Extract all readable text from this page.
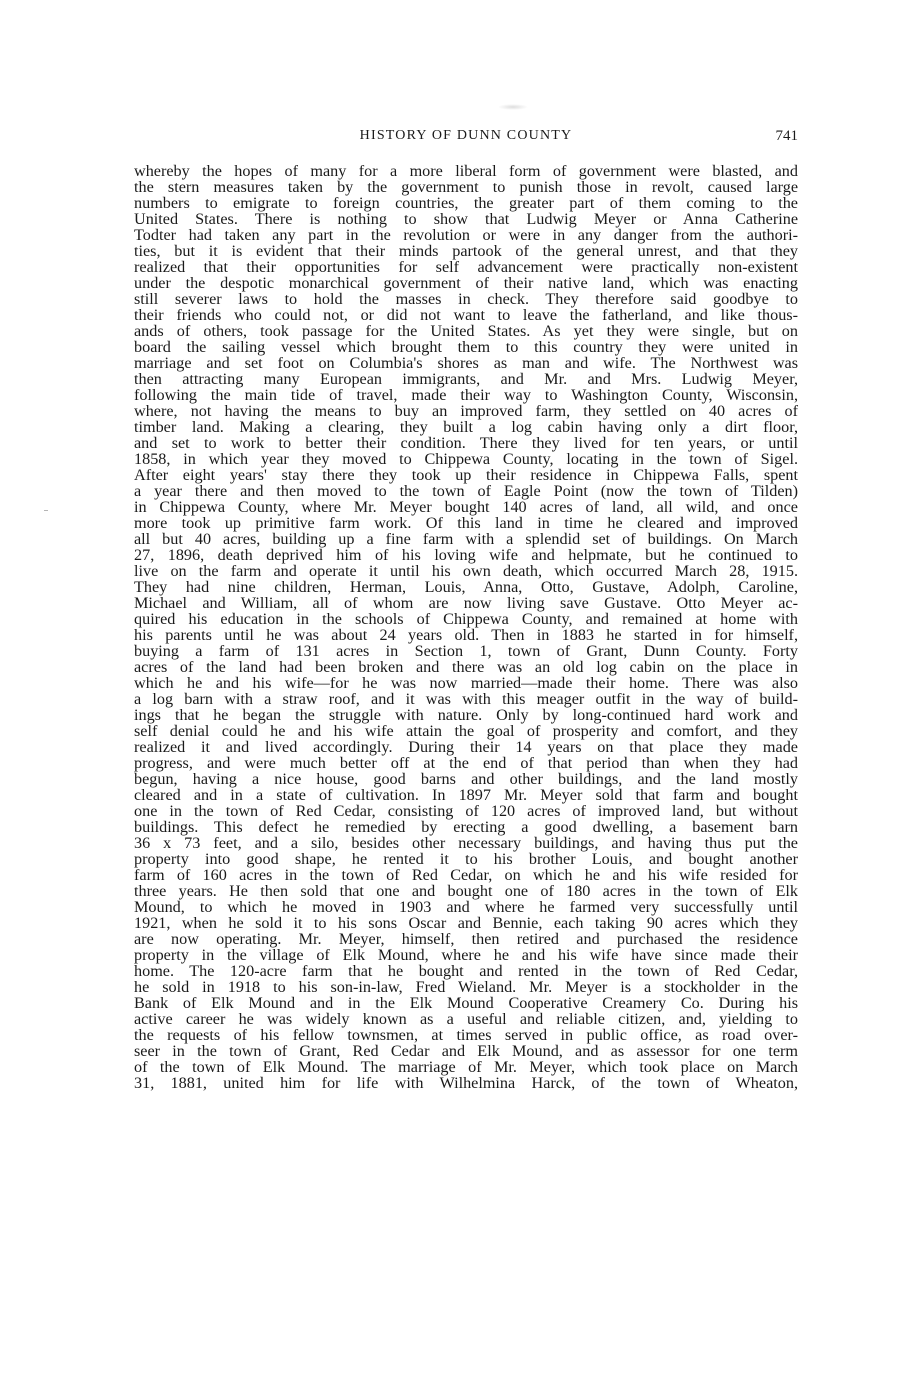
HISTORY OF DUNN COUNTY	741
whereby the hopes of many for a more liberal form of government were blasted, and
the stern measures taken by the government to punish those in revolt, caused large
numbers to emigrate to foreign countries, the greater part of them coming to the
United States. There is nothing to show that Ludwig Meyer or Anna Catherine
Todter had taken any part in the revolution or were in any danger from the authori-
ties, but it is evident that their minds partook of the general unrest, and that they
realized that their opportunities for self advancement were practically non-existent
under the despotic monarchical government of their native land, which was enacting
still severer laws to hold the masses in check. They therefore said goodbye to
their friends who could not, or did not want to leave the fatherland, and like thous-
ands of others, took passage for the United States. As yet they were single, but on
board the sailing vessel which brought them to this country they were united in
marriage and set foot on Columbia's shores as man and wife. The Northwest was
then attracting many European immigrants, and Mr. and Mrs. Ludwig Meyer,
following the main tide of travel, made their way to Washington County, Wisconsin,
where, not having the means to buy an improved farm, they settled on 40 acres of
timber land. Making a clearing, they built a log cabin having only a dirt floor,
and set to work to better their condition. There they lived for ten years, or until
1858, in which year they moved to Chippewa County, locating in the town of Sigel.
After eight years' stay there they took up their residence in Chippewa Falls, spent
a year there and then moved to the town of Eagle Point (now the town of Tilden)
in Chippewa County, where Mr. Meyer bought 140 acres of land, all wild, and once
more took up primitive farm work. Of this land in time he cleared and improved
all but 40 acres, building up a fine farm with a splendid set of buildings. On March
27, 1896, death deprived him of his loving wife and helpmate, but he continued to
live on the farm and operate it until his own death, which occurred March 28, 1915.
They had nine children, Herman, Louis, Anna, Otto, Gustave, Adolph, Caroline,
Michael and William, all of whom are now living save Gustave. Otto Meyer ac-
quired his education in the schools of Chippewa County, and remained at home with
his parents until he was about 24 years old. Then in 1883 he started in for himself,
buying a farm of 131 acres in Section 1, town of Grant, Dunn County. Forty
acres of the land had been broken and there was an old log cabin on the place in
which he and his wife—for he was now married—made their home. There was also
a log barn with a straw roof, and it was with this meager outfit in the way of build-
ings that he began the struggle with nature. Only by long-continued hard work and
self denial could he and his wife attain the goal of prosperity and comfort, and they
realized it and lived accordingly. During their 14 years on that place they made
progress, and were much better off at the end of that period than when they had
begun, having a nice house, good barns and other buildings, and the land mostly
cleared and in a state of cultivation. In 1897 Mr. Meyer sold that farm and bought
one in the town of Red Cedar, consisting of 120 acres of improved land, but without
buildings. This defect he remedied by erecting a good dwelling, a basement barn
36 x 73 feet, and a silo, besides other necessary buildings, and having thus put the
property into good shape, he rented it to his brother Louis, and bought another
farm of 160 acres in the town of Red Cedar, on which he and his wife resided for
three years. He then sold that one and bought one of 180 acres in the town of Elk
Mound, to which he moved in 1903 and where he farmed very successfully until
1921, when he sold it to his sons Oscar and Bennie, each taking 90 acres which they
are now operating. Mr. Meyer, himself, then retired and purchased the residence
property in the village of Elk Mound, where he and his wife have since made their
home. The 120-acre farm that he bought and rented in the town of Red Cedar,
he sold in 1918 to his son-in-law, Fred Wieland. Mr. Meyer is a stockholder in the
Bank of Elk Mound and in the Elk Mound Cooperative Creamery Co. During his
active career he was widely known as a useful and reliable citizen, and, yielding to
the requests of his fellow townsmen, at times served in public office, as road over-
seer in the town of Grant, Red Cedar and Elk Mound, and as assessor for one term
of the town of Elk Mound. The marriage of Mr. Meyer, which took place on March
31, 1881, united him for life with Wilhelmina Harck, of the town of Wheaton,
